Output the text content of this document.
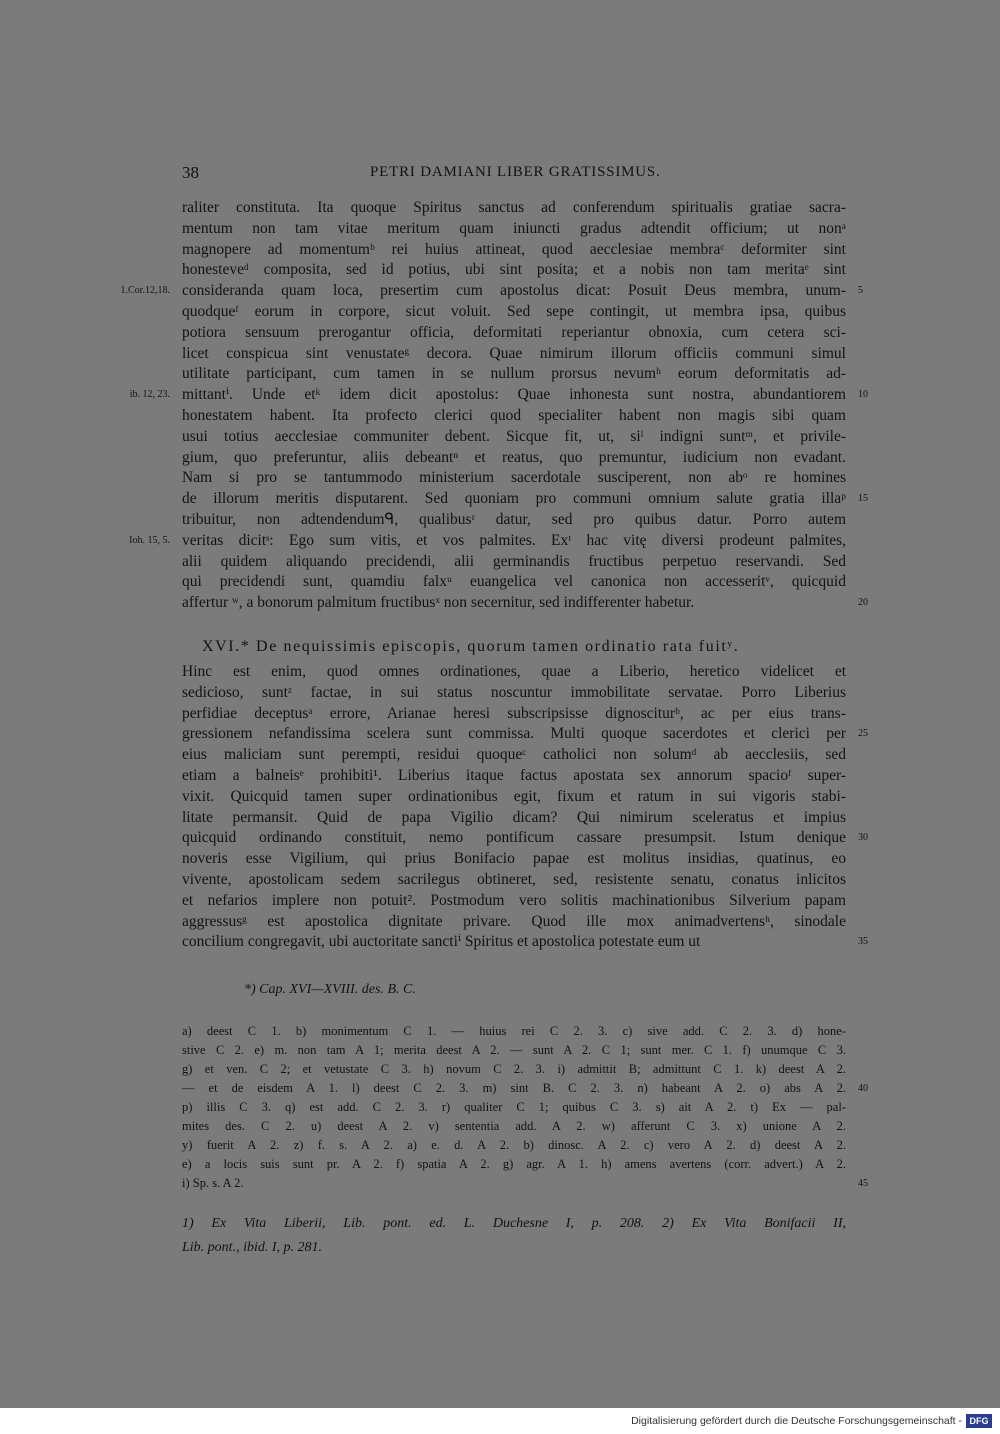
38	PETRI DAMIANI LIBER GRATISSIMUS.
raliter constituta. Ita quoque Spiritus sanctus ad conferendum spiritualis gratiae sacra-
mentum non tam vitae meritum quam iniuncti gradus adtendit officium; ut nonᵃ
magnopere ad momentumᵇ rei huius attineat, quod aecclesiae membraᶜ deformiter sint
honesteveᵈ composita, sed id potius, ubi sint posita; et a nobis non tam meritaᵉ sint
consideranda quam loca, presertim cum apostolus dicat: Posuit Deus membra, unum-
1.Cor.12,18.	5
quodqueᶠ eorum in corpore, sicut voluit. Sed sepe contingit, ut membra ipsa, quibus
potiora sensuum prerogantur officia, deformitati reperiantur obnoxia, cum cetera sci-
licet conspicua sint venustateᵍ decora. Quae nimirum illorum officiis communi simul
utilitate participant, cum tamen in se nullum prorsus nevumʰ eorum deformitatis ad-
mittantⁱ. Unde etᵏ idem dicit apostolus: Quae inhonesta sunt nostra, abundantiorem
ib. 12, 23.	10
honestatem habent. Ita profecto clerici quod specialiter habent non magis sibi quam
usui totius aecclesiae communiter debent. Sicque fit, ut, siˡ indigni suntᵐ, et privile-
gium, quo preferuntur, aliis debeantⁿ et reatus, quo premuntur, iudicium non evadant.
Nam si pro se tantummodo ministerium sacerdotale susciperent, non abᵒ re homines
de illorum meritis disputarent. Sed quoniam pro communi omnium salute gratia illaᵖ 15
tribuitur, non adtendendumᑫ, qualibusʳ datur, sed pro quibus datur. Porro autem
veritas dicitˢ: Ego sum vitis, et vos palmites. Exᵗ hac vitę diversi prodeunt palmites,
Ioh. 15, 5.
alii quidem aliquando precidendi, alii germinandis fructibus perpetuo reservandi. Sed
qui precidendi sunt, quamdiu falxᵘ euangelica vel canonica non accesseritᵛ, quicquid
affertur ʷ, a bonorum palmitum fructibusˣ non secernitur, sed indifferenter habetur.	20
XVI.* De nequissimis episcopis, quorum tamen ordinatio rata fuitʸ.
Hinc est enim, quod omnes ordinationes, quae a Liberio, heretico videlicet et
sedicioso, suntᶻ factae, in sui status noscuntur immobilitate servatae. Porro Liberius
perfidiae deceptusᵃ errore, Arianae heresi subscripsisse dignosciturᵇ, ac per eius trans-
gressionem nefandissima scelera sunt commissa. Multi quoque sacerdotes et clerici per 25
eius maliciam sunt perempti, residui quoqueᶜ catholici non solumᵈ ab aecclesiis, sed
etiam a balneisᵉ prohibiti¹. Liberius itaque factus apostata sex annorum spacioᶠ super-
vixit. Quicquid tamen super ordinationibus egit, fixum et ratum in sui vigoris stabi-
litate permansit. Quid de papa Vigilio dicam? Qui nimirum sceleratus et impius
quicquid ordinando constituit, nemo pontificum cassare presumpsit. Istum denique 30
noveris esse Vigilium, qui prius Bonifacio papae est molitus insidias, quatinus, eo
vivente, apostolicam sedem sacrilegus obtineret, sed, resistente senatu, conatus inlicitos
et nefarios implere non potuit². Postmodum vero solitis machinationibus Silverium papam
aggressusᵍ est apostolica dignitate privare. Quod ille mox animadvertensʰ, sinodale
concilium congregavit, ubi auctoritate sanctiⁱ Spiritus et apostolica potestate eum ut	35
*) Cap. XVI—XVIII. des. B. C.
a) deest C 1. b) monimentum C 1. — huius rei C 2. 3. c) sive add. C 2. 3. d) hone-
stive C 2. e) m. non tam A 1; merita deest A 2. — sunt A 2. C 1; sunt mer. C 1. f) unumque C 3.
g) et ven. C 2; et vetustate C 3. h) novum C 2. 3. i) admittit B; admittunt C 1. k) deest A 2.
— et de eisdem A 1. l) deest C 2. 3. m) sint B. C 2. 3. n) habeant A 2. o) abs A 2. 40
p) illis C 3. q) est add. C 2. 3. r) qualiter C 1; quibus C 3. s) ait A 2. t) Ex — pal-
mites des. C 2. u) deest A 2. v) sententia add. A 2. w) afferunt C 3. x) unione A 2.
y) fuerit A 2. z) f. s. A 2. a) e. d. A 2. b) dinosc. A 2. c) vero A 2. d) deest A 2.
e) a locis suis sunt pr. A 2. f) spatia A 2. g) agr. A 1. h) amens avertens (corr. advert.) A 2.
i) Sp. s. A 2.	45
1) Ex Vita Liberii, Lib. pont. ed. L. Duchesne I, p. 208. 2) Ex Vita Bonifacii II,
Lib. pont., ibid. I, p. 281.
Digitalisierung gefördert durch die Deutsche Forschungsgemeinschaft - DFG
